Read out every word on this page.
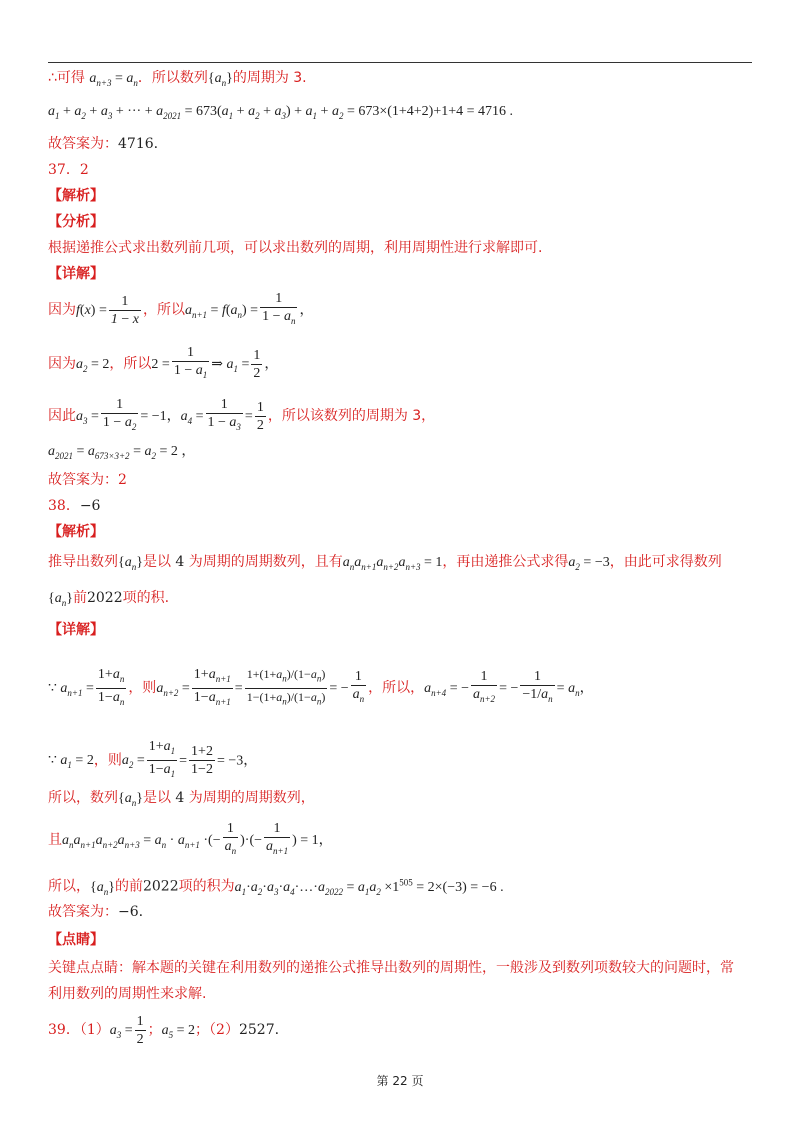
∴可得 $a_{n+3} = a_n$．所以数列$\{a_n\}$的周期为 3.
$a_1 + a_2 + a_3$ + ··· + $a_{2021} = 673(a_1 + a_2 + a_3) + a_1 + a_2 = 673\times(1+4+2)+1+4 = 4716$ .
故答案为：4716.
37．2
【解析】
【分析】
根据递推公式求出数列前几项，可以求出数列的周期，利用周期性进行求解即可.
【详解】
因为$f(x) = \frac{1}{1 - x}$ ，所以$a_{n+1} = f(a_n) = \frac{1}{1 - a_n}$ ，
因为$a_2 = 2$，所以$2 = \frac{1}{1 - a_1}$ ⇒ $a_1 = \frac{1}{2}$ ，
因此$a_3 = \frac{1}{1 - a_2} = -1$，$a_4 = \frac{1}{1 - a_3} = \frac{1}{2}$ ，所以该数列的周期为 3，
$a_{2021} = a_{673\times 3+2} = a_2 = 2$ ，
故答案为：2
38．−6
【解析】
推导出数列$\{a_n\}$是以 4 为周期的周期数列，且有$a_na_{n+1}a_{n+2}a_{n+3} = 1$，再由递推公式求得$a_2 = -3$，由此可求得数列
$\{a_n\}$前2022项的积.
【详解】
∵ $a_{n+1} = \frac{1+a_n}{1-a_n}$ ，则$a_{n+2} = \frac{1+a_{n+1}}{1-a_{n+1}} = \frac{1+(1+a_n)/(1-a_n)}{1-(1+a_n)/(1-a_n)}$ = − $\frac{1}{a_n}$ ，所以，$a_{n+4}$ = − $\frac{1}{a_{n+2}}$ = − $\frac{1}{-1/a_n} = a_n$，
∵ $a_1 = 2$，则$a_2 = \frac{1+a_1}{1-a_1} = \frac{1+2}{1-2} = -3$，
所以，数列$\{a_n\}$是以 4 为周期的周期数列，
且$a_na_{n+1}a_{n+2}a_{n+3} = a_n \cdot a_{n+1}$ ·(− $\frac{1}{a_n}$ )·(− $\frac{1}{a_{n+1}}$ ) = 1，
所以，$\{a_n\}$的前2022项的积为$a_1\cdot a_2\cdot a_3\cdot a_4\cdot\dots\cdot a_{2022} = a_1a_2 \times 1^{505} = 2\times(-3) = -6$ .
故答案为：−6.
【点睛】
关键点点睛：解本题的关键在利用数列的递推公式推导出数列的周期性，一般涉及到数列项数较大的问题时，常
利用数列的周期性来求解.
39．$(1)a_3 = \frac{1}{2}$ ；$a_5 = 2$；（2）2527.
第 22 页
